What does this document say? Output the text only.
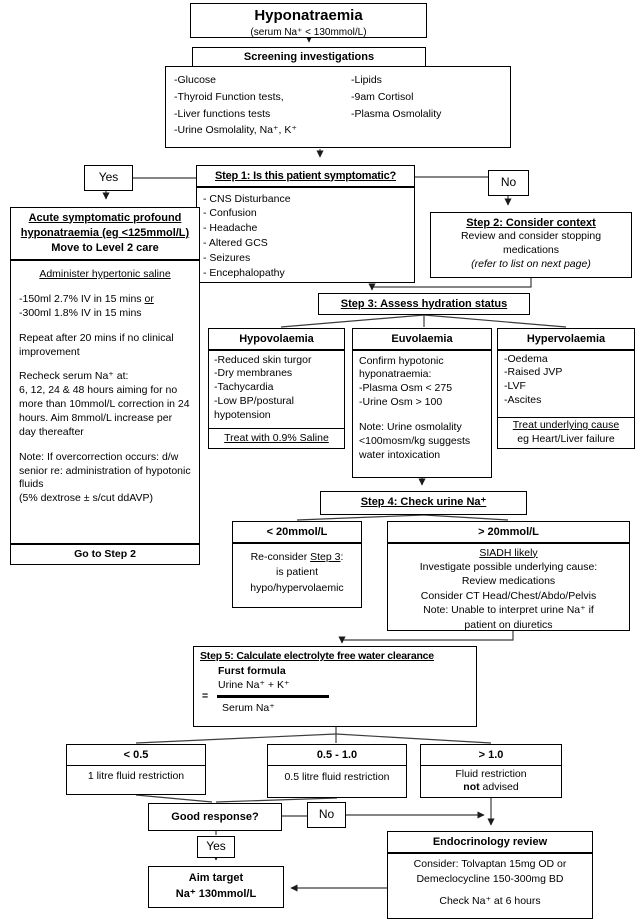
Hyponatraemia
(serum Na⁺ < 130mmol/L)
Screening investigations
-Glucose
-Thyroid Function tests,
-Liver functions tests
-Urine Osmolality, Na⁺, K⁺
-Lipids
-9am Cortisol
-Plasma Osmolality
Step 1: Is this patient symptomatic?
- CNS Disturbance
- Confusion
- Headache
- Altered GCS
- Seizures
- Encephalopathy
Yes	No
Step 2: Consider context
Review and consider stopping medications
(refer to list on next page)
Acute symptomatic profound
hyponatraemia (eg <125mmol/L)
Move to Level 2 care
Administer hypertonic saline
-150ml 2.7% IV in 15 mins or
-300ml 1.8% IV in 15 mins
Repeat after 20 mins if no clinical improvement
Recheck serum Na⁺ at:
6, 12, 24 & 48 hours aiming for no more than 10mmol/L correction in 24 hours. Aim 8mmol/L increase per day thereafter
Note: If overcorrection occurs: d/w senior re: administration of hypotonic fluids
(5% dextrose ± s/cut ddAVP)
Go to Step 2
Step 3: Assess hydration status
Hypovolaemia
-Reduced skin turgor
-Dry membranes
-Tachycardia
-Low BP/postural hypotension
Treat with 0.9% Saline
Euvolaemia
Confirm hypotonic hyponatraemia:
-Plasma Osm < 275
-Urine Osm > 100
Note: Urine osmolality <100mosm/kg suggests water intoxication
Hypervolaemia
-Oedema
-Raised JVP
-LVF
-Ascites
Treat underlying cause
eg Heart/Liver failure
Step 4: Check urine Na⁺
< 20mmol/L
Re-consider Step 3:
is patient
hypo/hypervolaemic
> 20mmol/L
SIADH likely
Investigate possible underlying cause:
Review medications
Consider CT Head/Chest/Abdo/Pelvis
Note: Unable to interpret urine Na⁺ if
patient on diuretics
Step 5: Calculate electrolyte free water clearance
Furst formula
Urine Na⁺ + K⁺
=
Serum Na⁺
< 0.5
1 litre fluid restriction
0.5 - 1.0
0.5 litre fluid restriction
> 1.0
Fluid restriction
not advised
Good response?	No
Yes
Aim target
Na⁺ 130mmol/L
Endocrinology review
Consider: Tolvaptan 15mg OD or
Demeclocycline 150-300mg BD
Check Na⁺ at 6 hours
